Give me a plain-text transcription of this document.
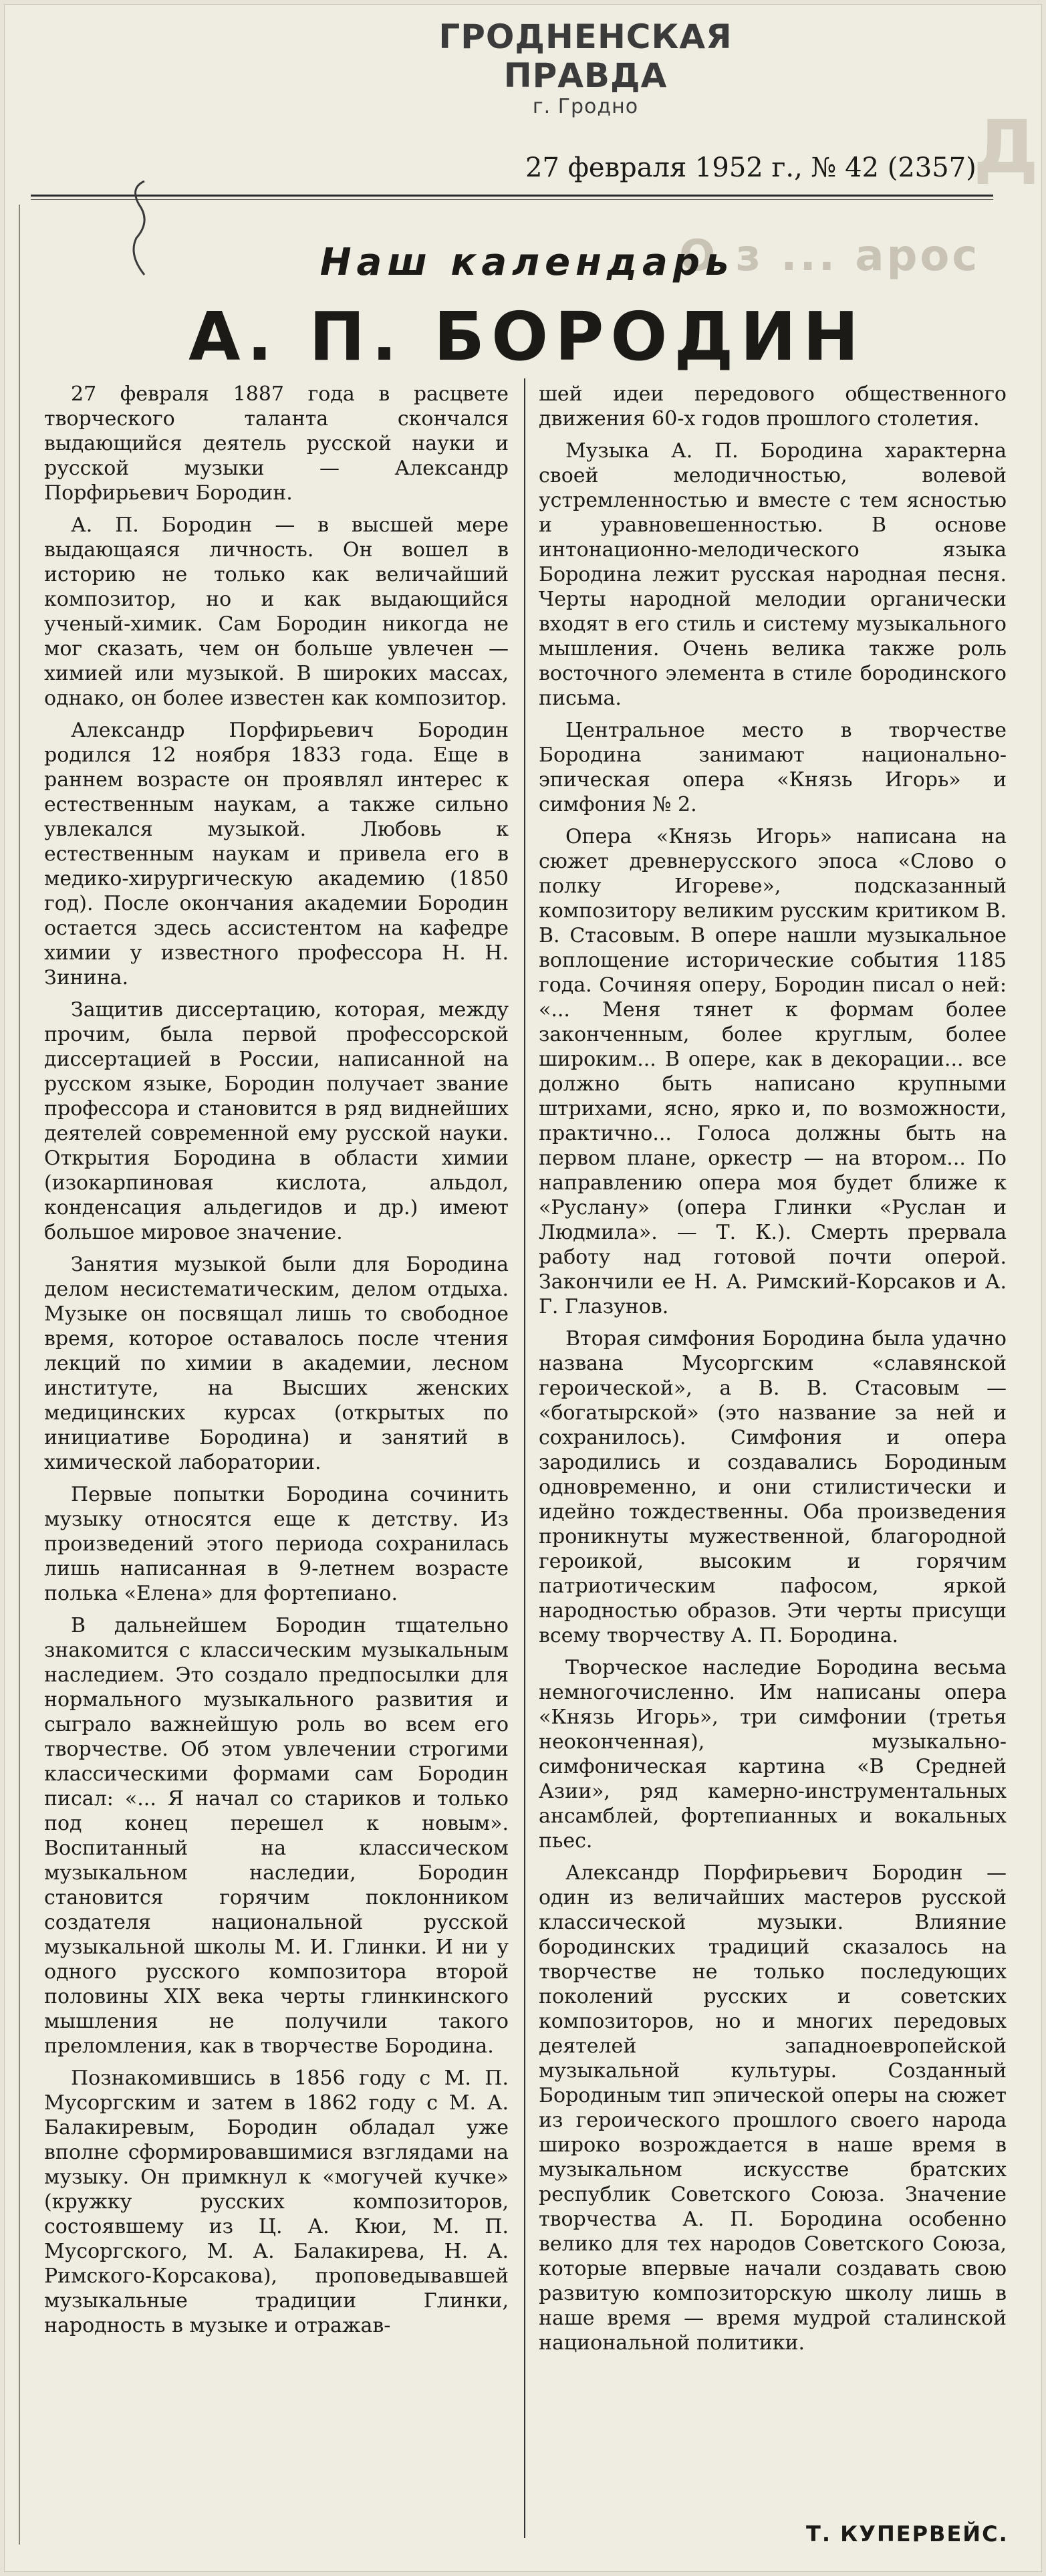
ГРОДНЕНСКАЯ ПРАВДА
г. Гродно	Д
27 февраля 1952 г., № 42 (2357)
О з ... арос
Наш календарь
А. П. БОРОДИН

27 февраля 1887 года в расцвете творческого таланта скончался выдающийся деятель русской науки и русской музыки — Александр Порфирьевич Бородин.

А. П. Бородин — в высшей мере выдающаяся личность. Он вошел в историю не только как величайший композитор, но и как выдающийся ученый-химик. Сам Бородин никогда не мог сказать, чем он больше увлечен — химией или музыкой. В широких массах, однако, он более известен как композитор.

Александр Порфирьевич Бородин родился 12 ноября 1833 года. Еще в раннем возрасте он проявлял интерес к естественным наукам, а также сильно увлекался музыкой. Любовь к естественным наукам и привела его в медико-хирургическую академию (1850 год). После окончания академии Бородин остается здесь ассистентом на кафедре химии у известного профессора Н. Н. Зинина.

Защитив диссертацию, которая, между прочим, была первой профессорской диссертацией в России, написанной на русском языке, Бородин получает звание профессора и становится в ряд виднейших деятелей современной ему русской науки. Открытия Бородина в области химии (изокарпиновая кислота, альдол, конденсация альдегидов и др.) имеют большое мировое значение.

Занятия музыкой были для Бородина делом несистематическим, делом отдыха. Музыке он посвящал лишь то свободное время, которое оставалось после чтения лекций по химии в академии, лесном институте, на Высших женских медицинских курсах (открытых по инициативе Бородина) и занятий в химической лаборатории.

Первые попытки Бородина сочинить музыку относятся еще к детству. Из произведений этого периода сохранилась лишь написанная в 9-летнем возрасте полька «Елена» для фортепиано.

В дальнейшем Бородин тщательно знакомится с классическим музыкальным наследием. Это создало предпосылки для нормального музыкального развития и сыграло важнейшую роль во всем его творчестве. Об этом увлечении строгими классическими формами сам Бородин писал: «... Я начал со стариков и только под конец перешел к новым». Воспитанный на классическом музыкальном наследии, Бородин становится горячим поклонником создателя национальной русской музыкальной школы М. И. Глинки. И ни у одного русского композитора второй половины XIX века черты глинкинского мышления не получили такого преломления, как в творчестве Бородина.

Познакомившись в 1856 году с М. П. Мусоргским и затем в 1862 году с М. А. Балакиревым, Бородин обладал уже вполне сформировавшимися взглядами на музыку. Он примкнул к «могучей кучке» (кружку русских композиторов, состоявшему из Ц. А. Кюи, М. П. Мусоргского, М. А. Балакирева, Н. А. Римского-Корсакова), проповедывавшей музыкальные традиции Глинки, народность в музыке и отражав-

шей идеи передового общественного движения 60-х годов прошлого столетия.

Музыка А. П. Бородина характерна своей мелодичностью, волевой устремленностью и вместе с тем ясностью и уравновешенностью. В основе интонационно-мелодического языка Бородина лежит русская народная песня. Черты народной мелодии органически входят в его стиль и систему музыкального мышления. Очень велика также роль восточного элемента в стиле бородинского письма.

Центральное место в творчестве Бородина занимают национально-эпическая опера «Князь Игорь» и симфония № 2.

Опера «Князь Игорь» написана на сюжет древнерусского эпоса «Слово о полку Игореве», подсказанный композитору великим русским критиком В. В. Стасовым. В опере нашли музыкальное воплощение исторические события 1185 года. Сочиняя оперу, Бородин писал о ней: «... Меня тянет к формам более законченным, более круглым, более широким... В опере, как в декорации... все должно быть написано крупными штрихами, ясно, ярко и, по возможности, практично... Голоса должны быть на первом плане, оркестр — на втором... По направлению опера моя будет ближе к «Руслану» (опера Глинки «Руслан и Людмила». — Т. К.). Смерть прервала работу над готовой почти оперой. Закончили ее Н. А. Римский-Корсаков и А. Г. Глазунов.

Вторая симфония Бородина была удачно названа Мусоргским «славянской героической», а В. В. Стасовым — «богатырской» (это название за ней и сохранилось). Симфония и опера зародились и создавались Бородиным одновременно, и они стилистически и идейно тождественны. Оба произведения проникнуты мужественной, благородной героикой, высоким и горячим патриотическим пафосом, яркой народностью образов. Эти черты присущи всему творчеству А. П. Бородина.

Творческое наследие Бородина весьма немногочисленно. Им написаны опера «Князь Игорь», три симфонии (третья неоконченная), музыкально-симфоническая картина «В Средней Азии», ряд камерно-инструментальных ансамблей, фортепианных и вокальных пьес.

Александр Порфирьевич Бородин — один из величайших мастеров русской классической музыки. Влияние бородинских традиций сказалось на творчестве не только последующих поколений русских и советских композиторов, но и многих передовых деятелей западноевропейской музыкальной культуры. Созданный Бородиным тип эпической оперы на сюжет из героического прошлого своего народа широко возрождается в наше время в музыкальном искусстве братских республик Советского Союза. Значение творчества А. П. Бородина особенно велико для тех народов Советского Союза, которые впервые начали создавать свою развитую композиторскую школу лишь в наше время — время мудрой сталинской национальной политики.

Т. КУПЕРВЕЙС.
